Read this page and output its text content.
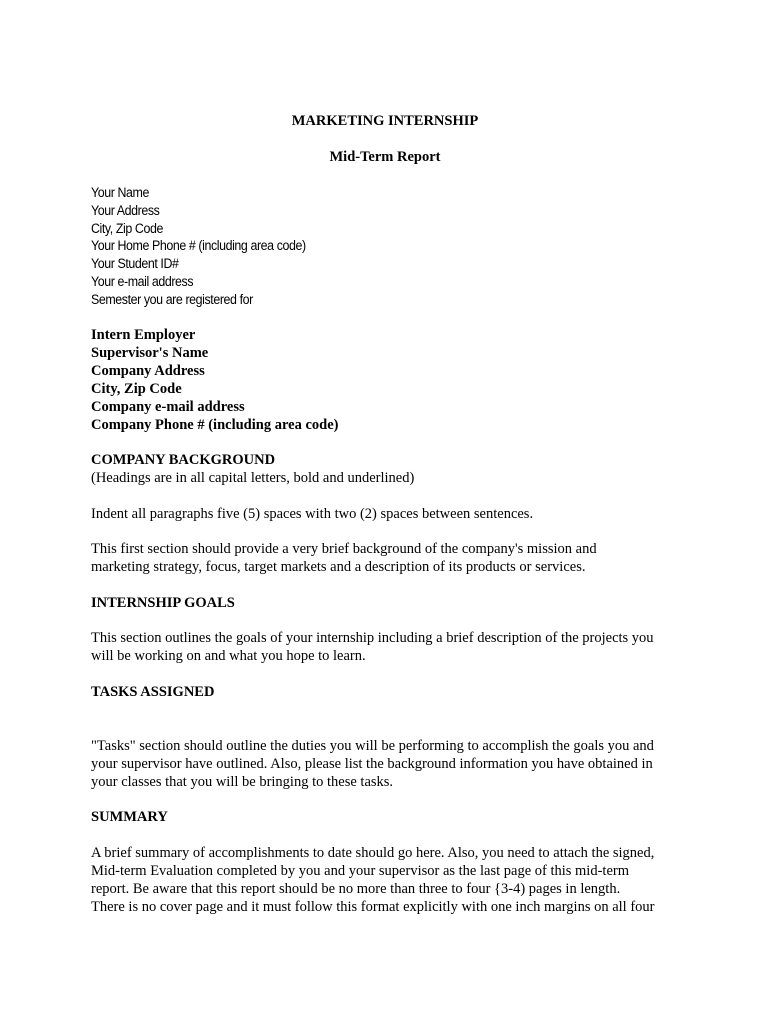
MARKETING INTERNSHIP
Mid-Term Report
Your Name
Your Address
City, Zip Code
Your Home Phone # (including area code)
Your Student ID#
Your e-mail address
Semester you are registered for
Intern Employer
Supervisor's Name
Company Address
City, Zip Code
Company e-mail address
Company Phone # (including area code)
COMPANY BACKGROUND
(Headings are in all capital letters, bold and underlined)
Indent all paragraphs five (5) spaces with two (2) spaces between sentences.
This first section should provide a very brief background of the company's mission and
marketing strategy, focus, target markets and a description of its products or services.
INTERNSHIP GOALS
This section outlines the goals of your internship including a brief description of the projects you
will be working on and what you hope to learn.
TASKS ASSIGNED
"Tasks" section should outline the duties you will be performing to accomplish the goals you and
your supervisor have outlined. Also, please list the background information you have obtained in
your classes that you will be bringing to these tasks.
SUMMARY
A brief summary of accomplishments to date should go here. Also, you need to attach the signed,
Mid-term Evaluation completed by you and your supervisor as the last page of this mid-term
report. Be aware that this report should be no more than three to four {3-4) pages in length.
There is no cover page and it must follow this format explicitly with one inch margins on all four
